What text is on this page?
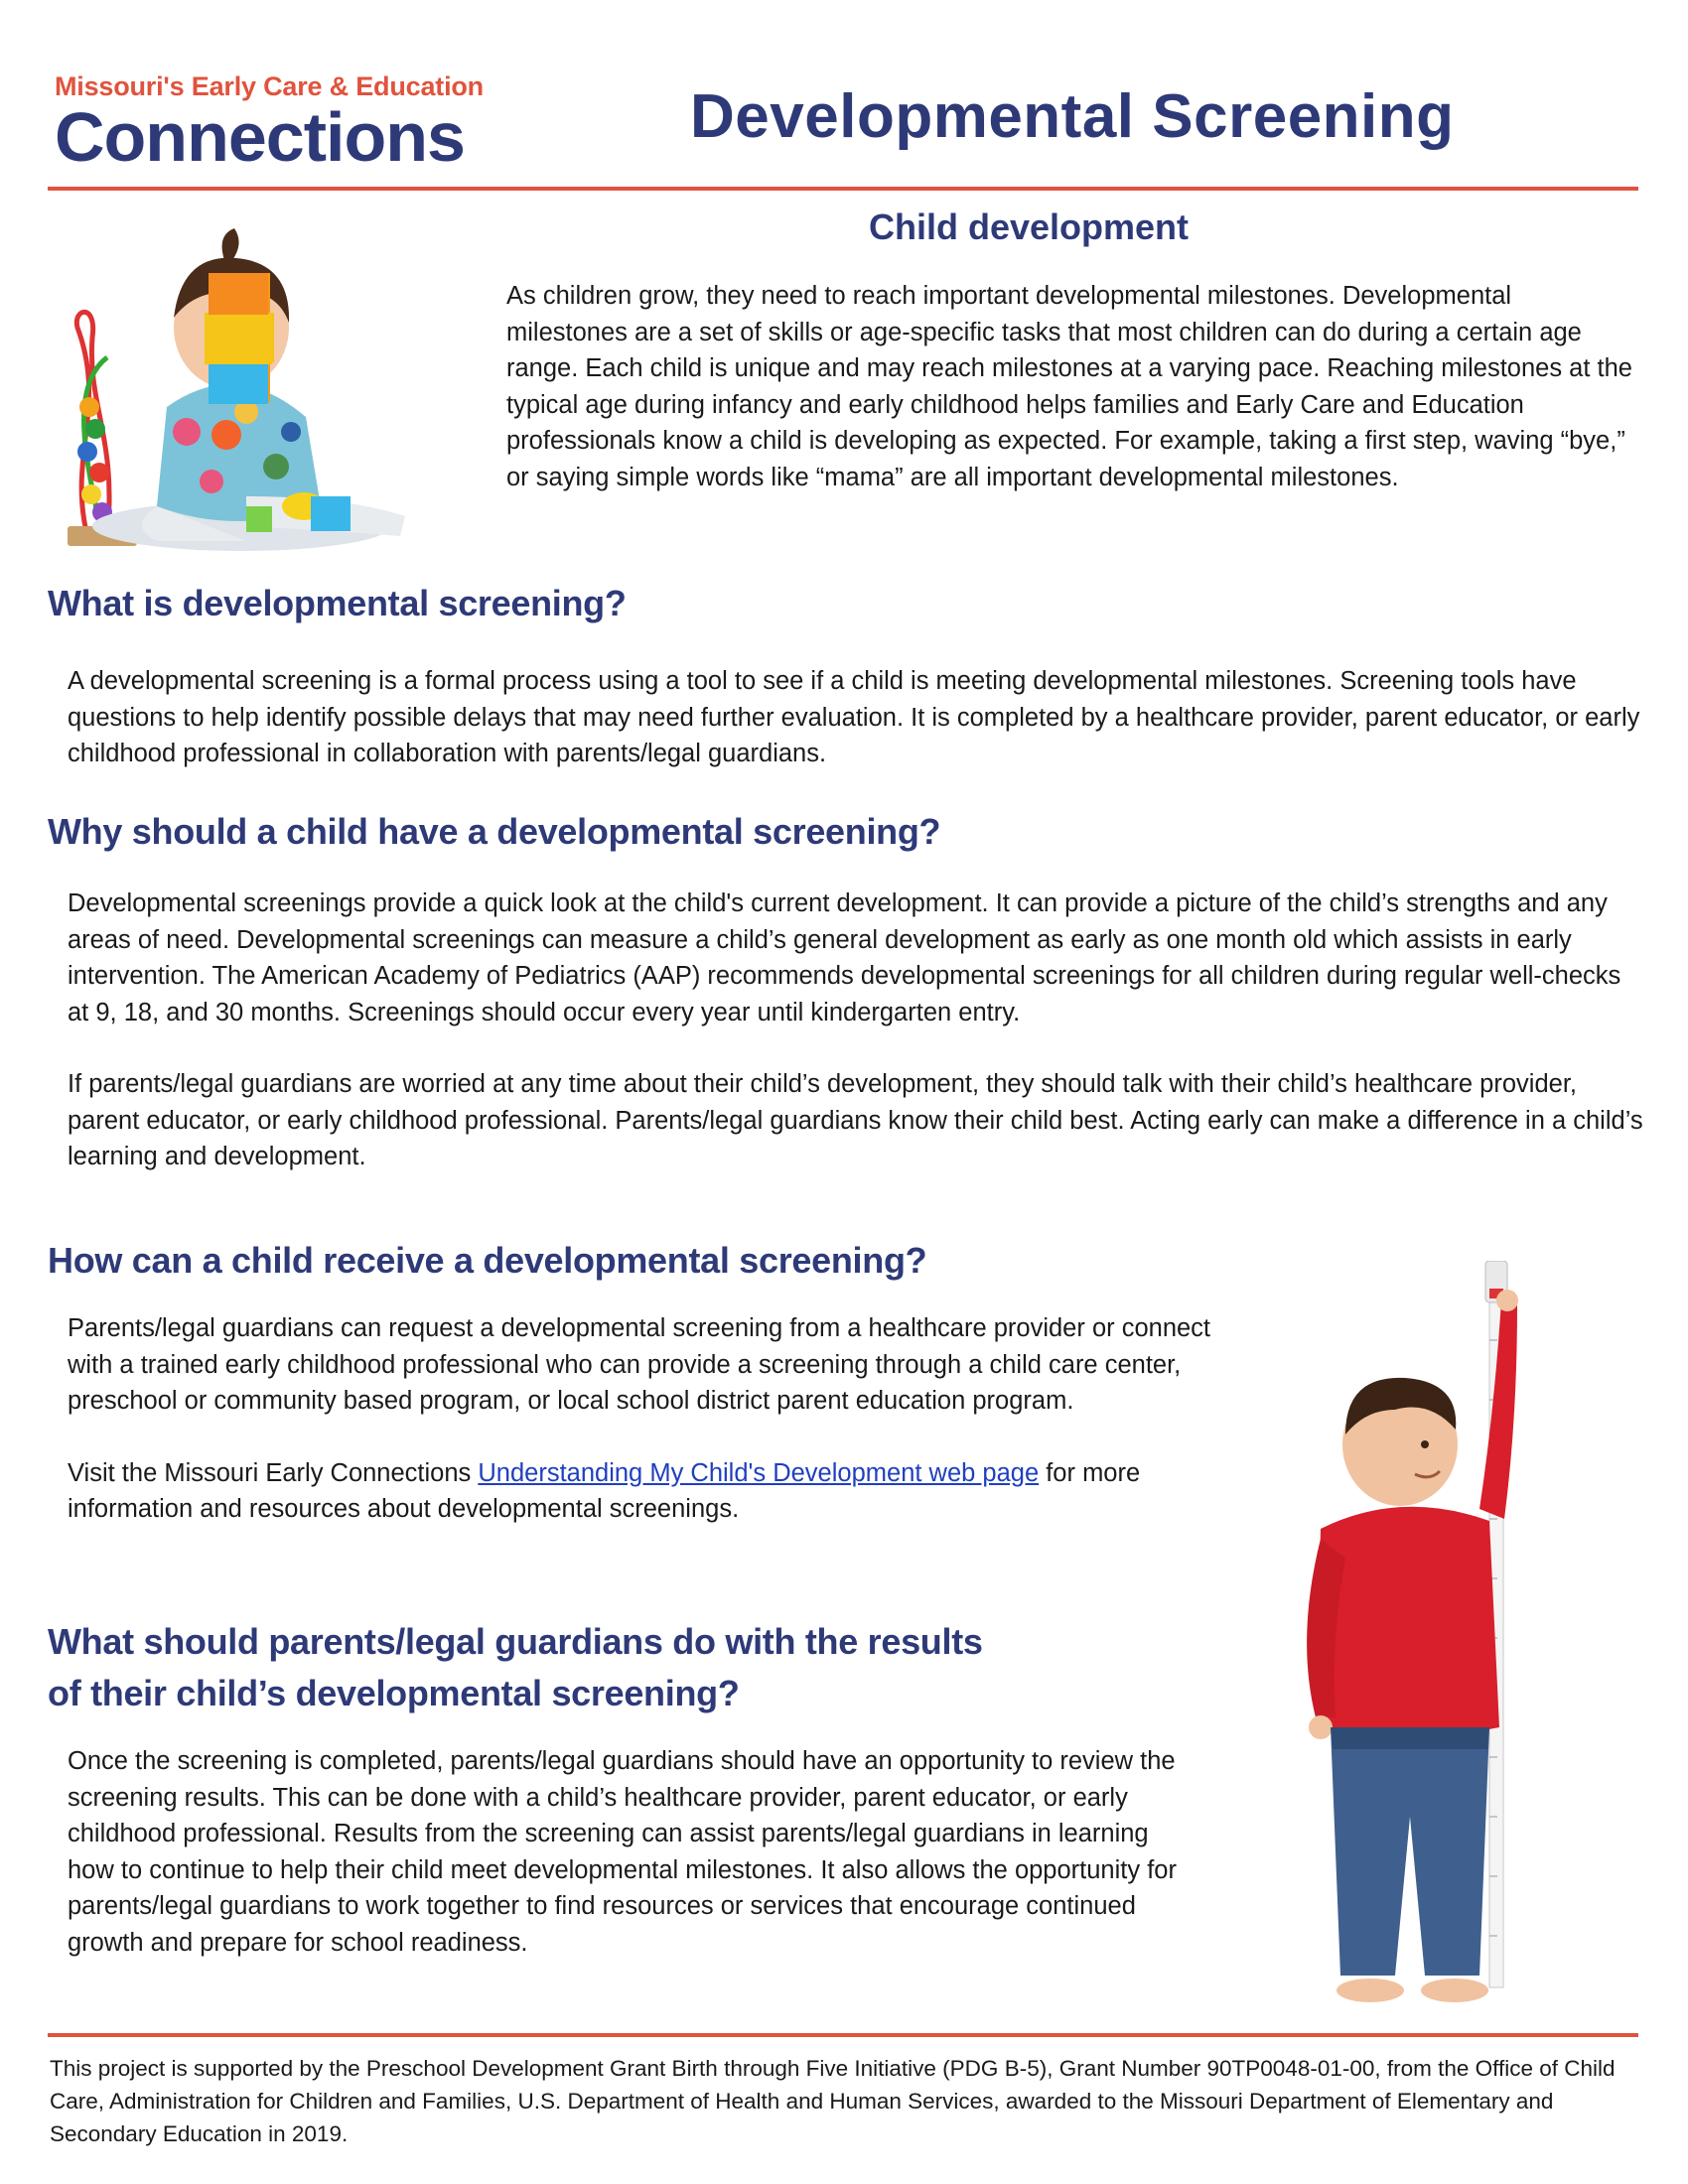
Missouri's Early Care & Education
Connections	Developmental Screening
Child development
As children grow, they need to reach important developmental milestones. Developmental milestones are a set of skills or age-specific tasks that most children can do during a certain age range. Each child is unique and may reach milestones at a varying pace. Reaching milestones at the typical age during infancy and early childhood helps families and Early Care and Education professionals know a child is developing as expected. For example, taking a first step, waving “bye,” or saying simple words like “mama” are all important developmental milestones.
What is developmental screening?
A developmental screening is a formal process using a tool to see if a child is meeting developmental milestones. Screening tools have questions to help identify possible delays that may need further evaluation. It is completed by a healthcare provider, parent educator, or early childhood professional in collaboration with parents/legal guardians.
Why should a child have a developmental screening?

Developmental screenings provide a quick look at the child's current development. It can provide a picture of the child’s strengths and any areas of need. Developmental screenings can measure a child’s general development as early as one month old which assists in early intervention. The American Academy of Pediatrics (AAP) recommends developmental screenings for all children during regular well-checks at 9, 18, and 30 months. Screenings should occur every year until kindergarten entry.

If parents/legal guardians are worried at any time about their child’s development, they should talk with their child’s healthcare provider, parent educator, or early childhood professional. Parents/legal guardians know their child best. Acting early can make a difference in a child’s learning and development.

How can a child receive a developmental screening?

Parents/legal guardians can request a developmental screening from a healthcare provider or connect with a trained early childhood professional who can provide a screening through a child care center, preschool or community based program, or local school district parent education program.

Visit the Missouri Early Connections Understanding My Child's Development web page for more information and resources about developmental screenings.

What should parents/legal guardians do with the results
of their child’s developmental screening?
Once the screening is completed, parents/legal guardians should have an opportunity to review the screening results. This can be done with a child’s healthcare provider, parent educator, or early childhood professional. Results from the screening can assist parents/legal guardians in learning how to continue to help their child meet developmental milestones. It also allows the opportunity for parents/legal guardians to work together to find resources or services that encourage continued growth and prepare for school readiness.
This project is supported by the Preschool Development Grant Birth through Five Initiative (PDG B-5), Grant Number 90TP0048-01-00, from the Office of Child Care, Administration for Children and Families, U.S. Department of Health and Human Services, awarded to the Missouri Department of Elementary and Secondary Education in 2019.
